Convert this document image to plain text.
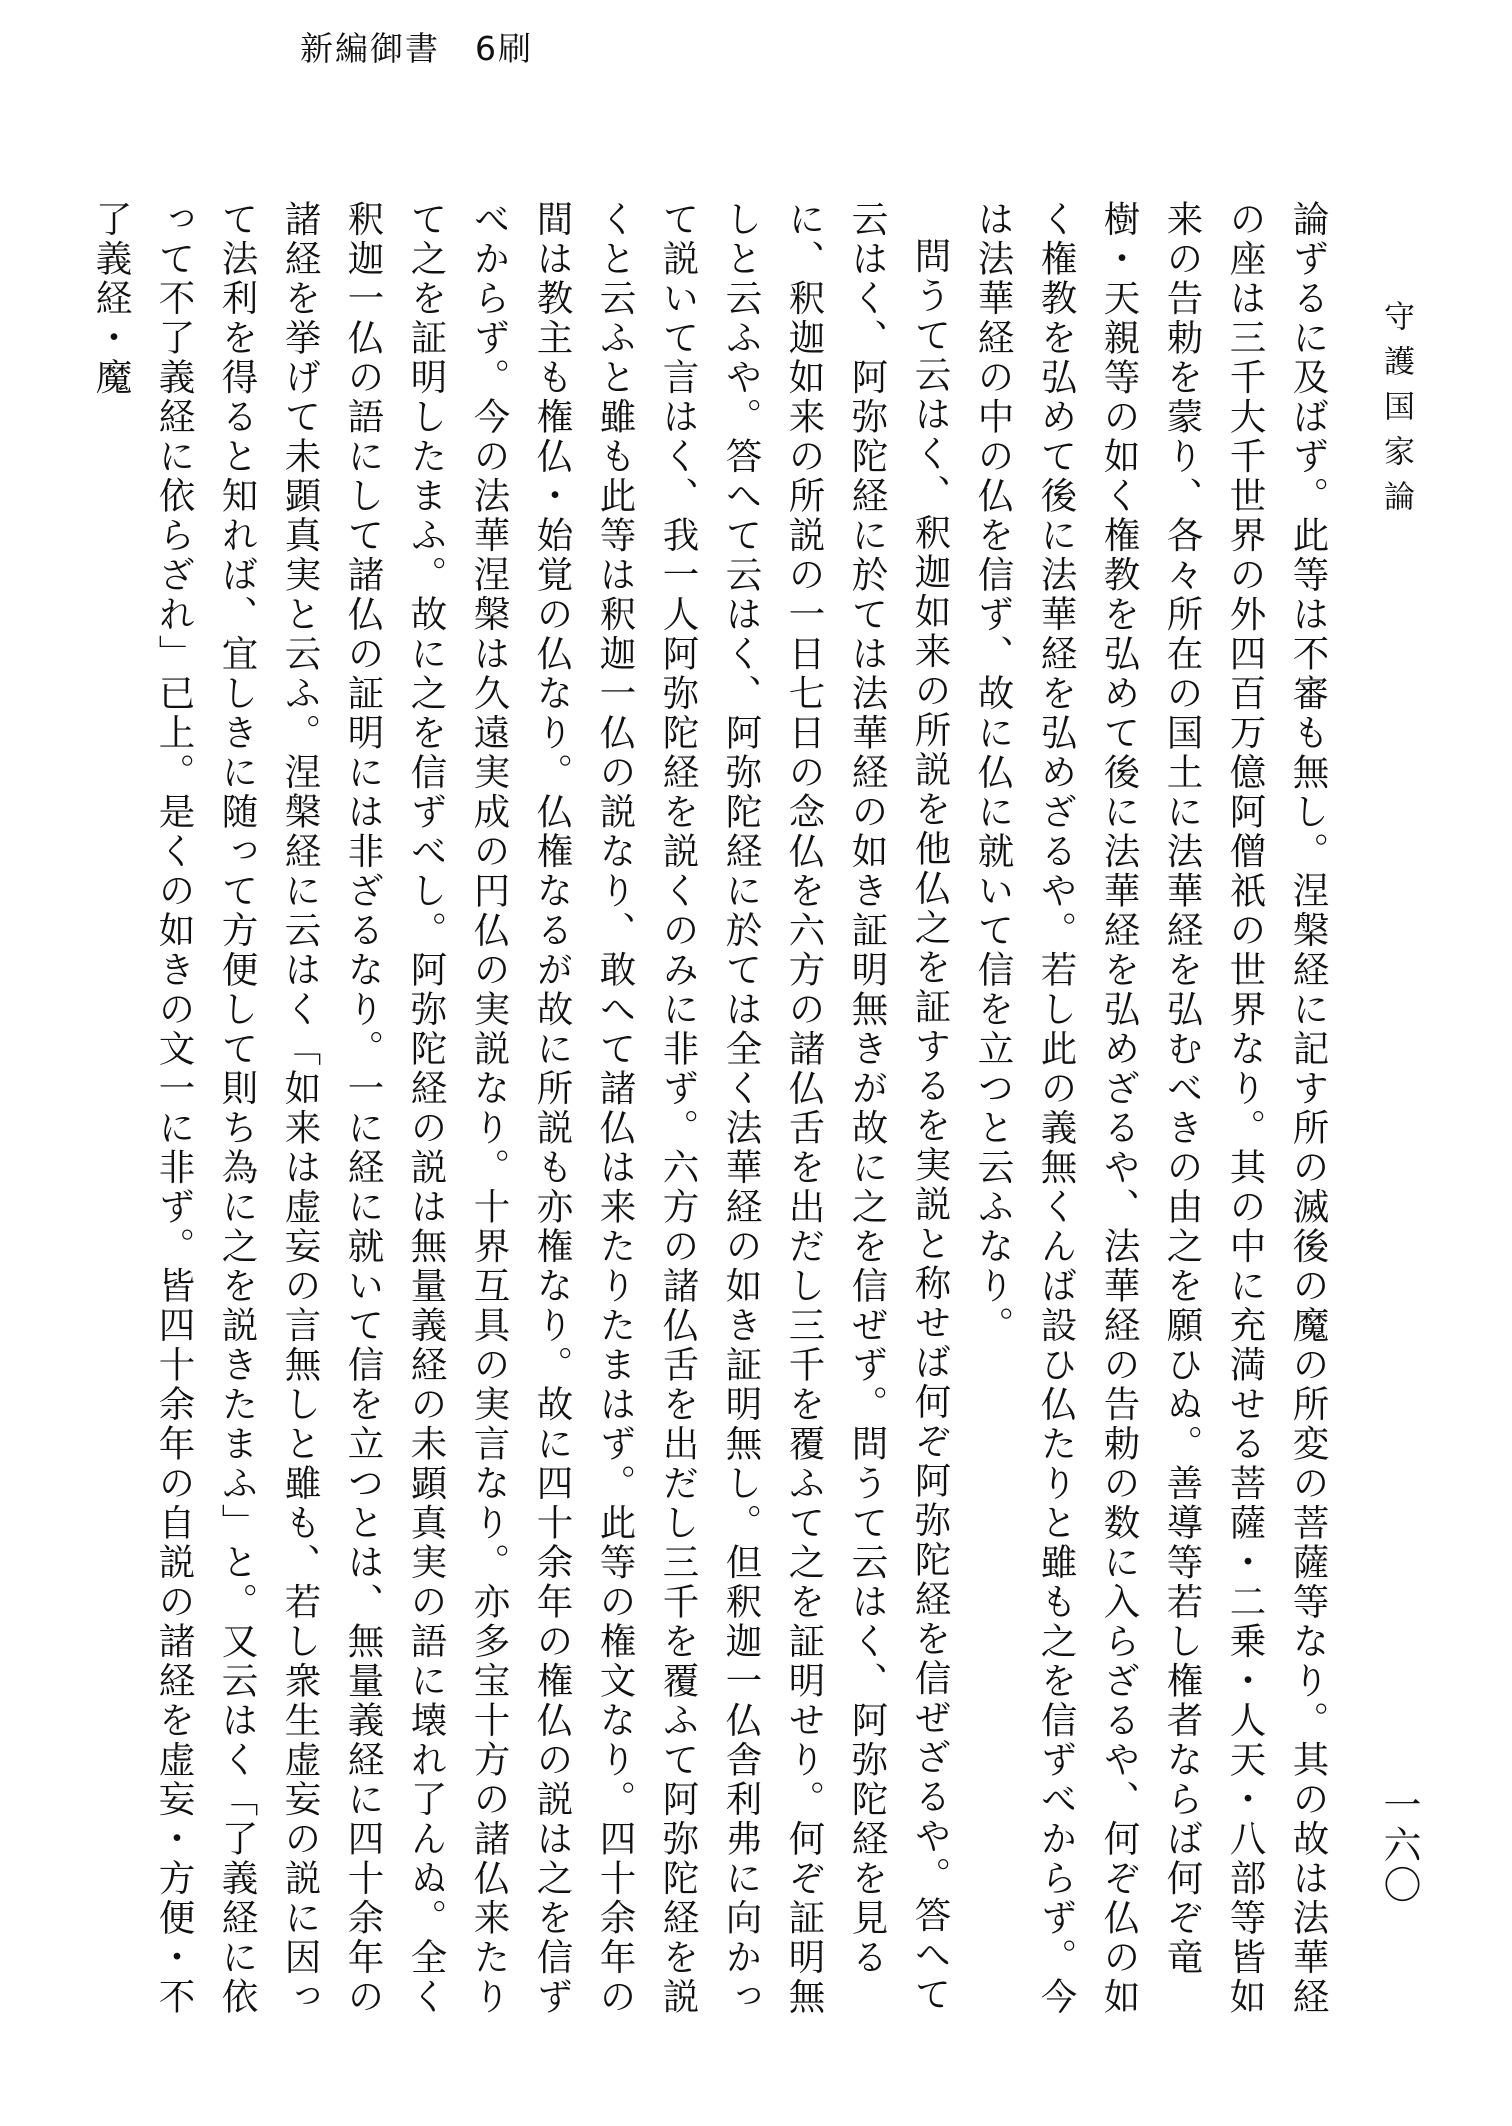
新編御書　6刷
守護国家論
一六〇

論ずるに及ばず。此等は不審も無し。涅槃経に記す所の滅後の魔の所変の菩薩等なり。其の故は法華経の座は三千大千世界の外四百万億阿僧祇の世界なり。其の中に充満せる菩薩・二乗・人天・八部等皆如来の告勅を蒙り、各々所在の国土に法華経を弘むべきの由之を願ひぬ。善導等若し権者ならば何ぞ竜樹・天親等の如く権教を弘めて後に法華経を弘めざるや、法華経の告勅の数に入らざるや、何ぞ仏の如く権教を弘めて後に法華経を弘めざるや。若し此の義無くんば設ひ仏たりと雖も之を信ずべからず。今は法華経の中の仏を信ず、故に仏に就いて信を立つと云ふなり。

問うて云はく、釈迦如来の所説を他仏之を証するを実説と称せば何ぞ阿弥陀経を信ぜざるや。答へて云はく、阿弥陀経に於ては法華経の如き証明無きが故に之を信ぜず。問うて云はく、阿弥陀経を見るに、釈迦如来の所説の一日七日の念仏を六方の諸仏舌を出だし三千を覆ふて之を証明せり。何ぞ証明無しと云ふや。答へて云はく、阿弥陀経に於ては全く法華経の如き証明無し。但釈迦一仏舎利弗に向かって説いて言はく、我一人阿弥陀経を説くのみに非ず。六方の諸仏舌を出だし三千を覆ふて阿弥陀経を説くと云ふと雖も此等は釈迦一仏の説なり、敢へて諸仏は来たりたまはず。此等の権文なり。四十余年の間は教主も権仏・始覚の仏なり。仏権なるが故に所説も亦権なり。故に四十余年の権仏の説は之を信ずべからず。今の法華涅槃は久遠実成の円仏の実説なり。十界互具の実言なり。亦多宝十方の諸仏来たりて之を証明したまふ。故に之を信ずべし。阿弥陀経の説は無量義経の未顕真実の語に壊れ了んぬ。全く釈迦一仏の語にして諸仏の証明には非ざるなり。一に経に就いて信を立つとは、無量義経に四十余年の諸経を挙げて未顕真実と云ふ。涅槃経に云はく「如来は虚妄の言無しと雖も、若し衆生虚妄の説に因って法利を得ると知れば、宜しきに随って方便して則ち為に之を説きたまふ」と。又云はく「了義経に依って不了義経に依らざれ」已上。是くの如きの文一に非ず。皆四十余年の自説の諸経を虚妄・方便・不了義経・魔
